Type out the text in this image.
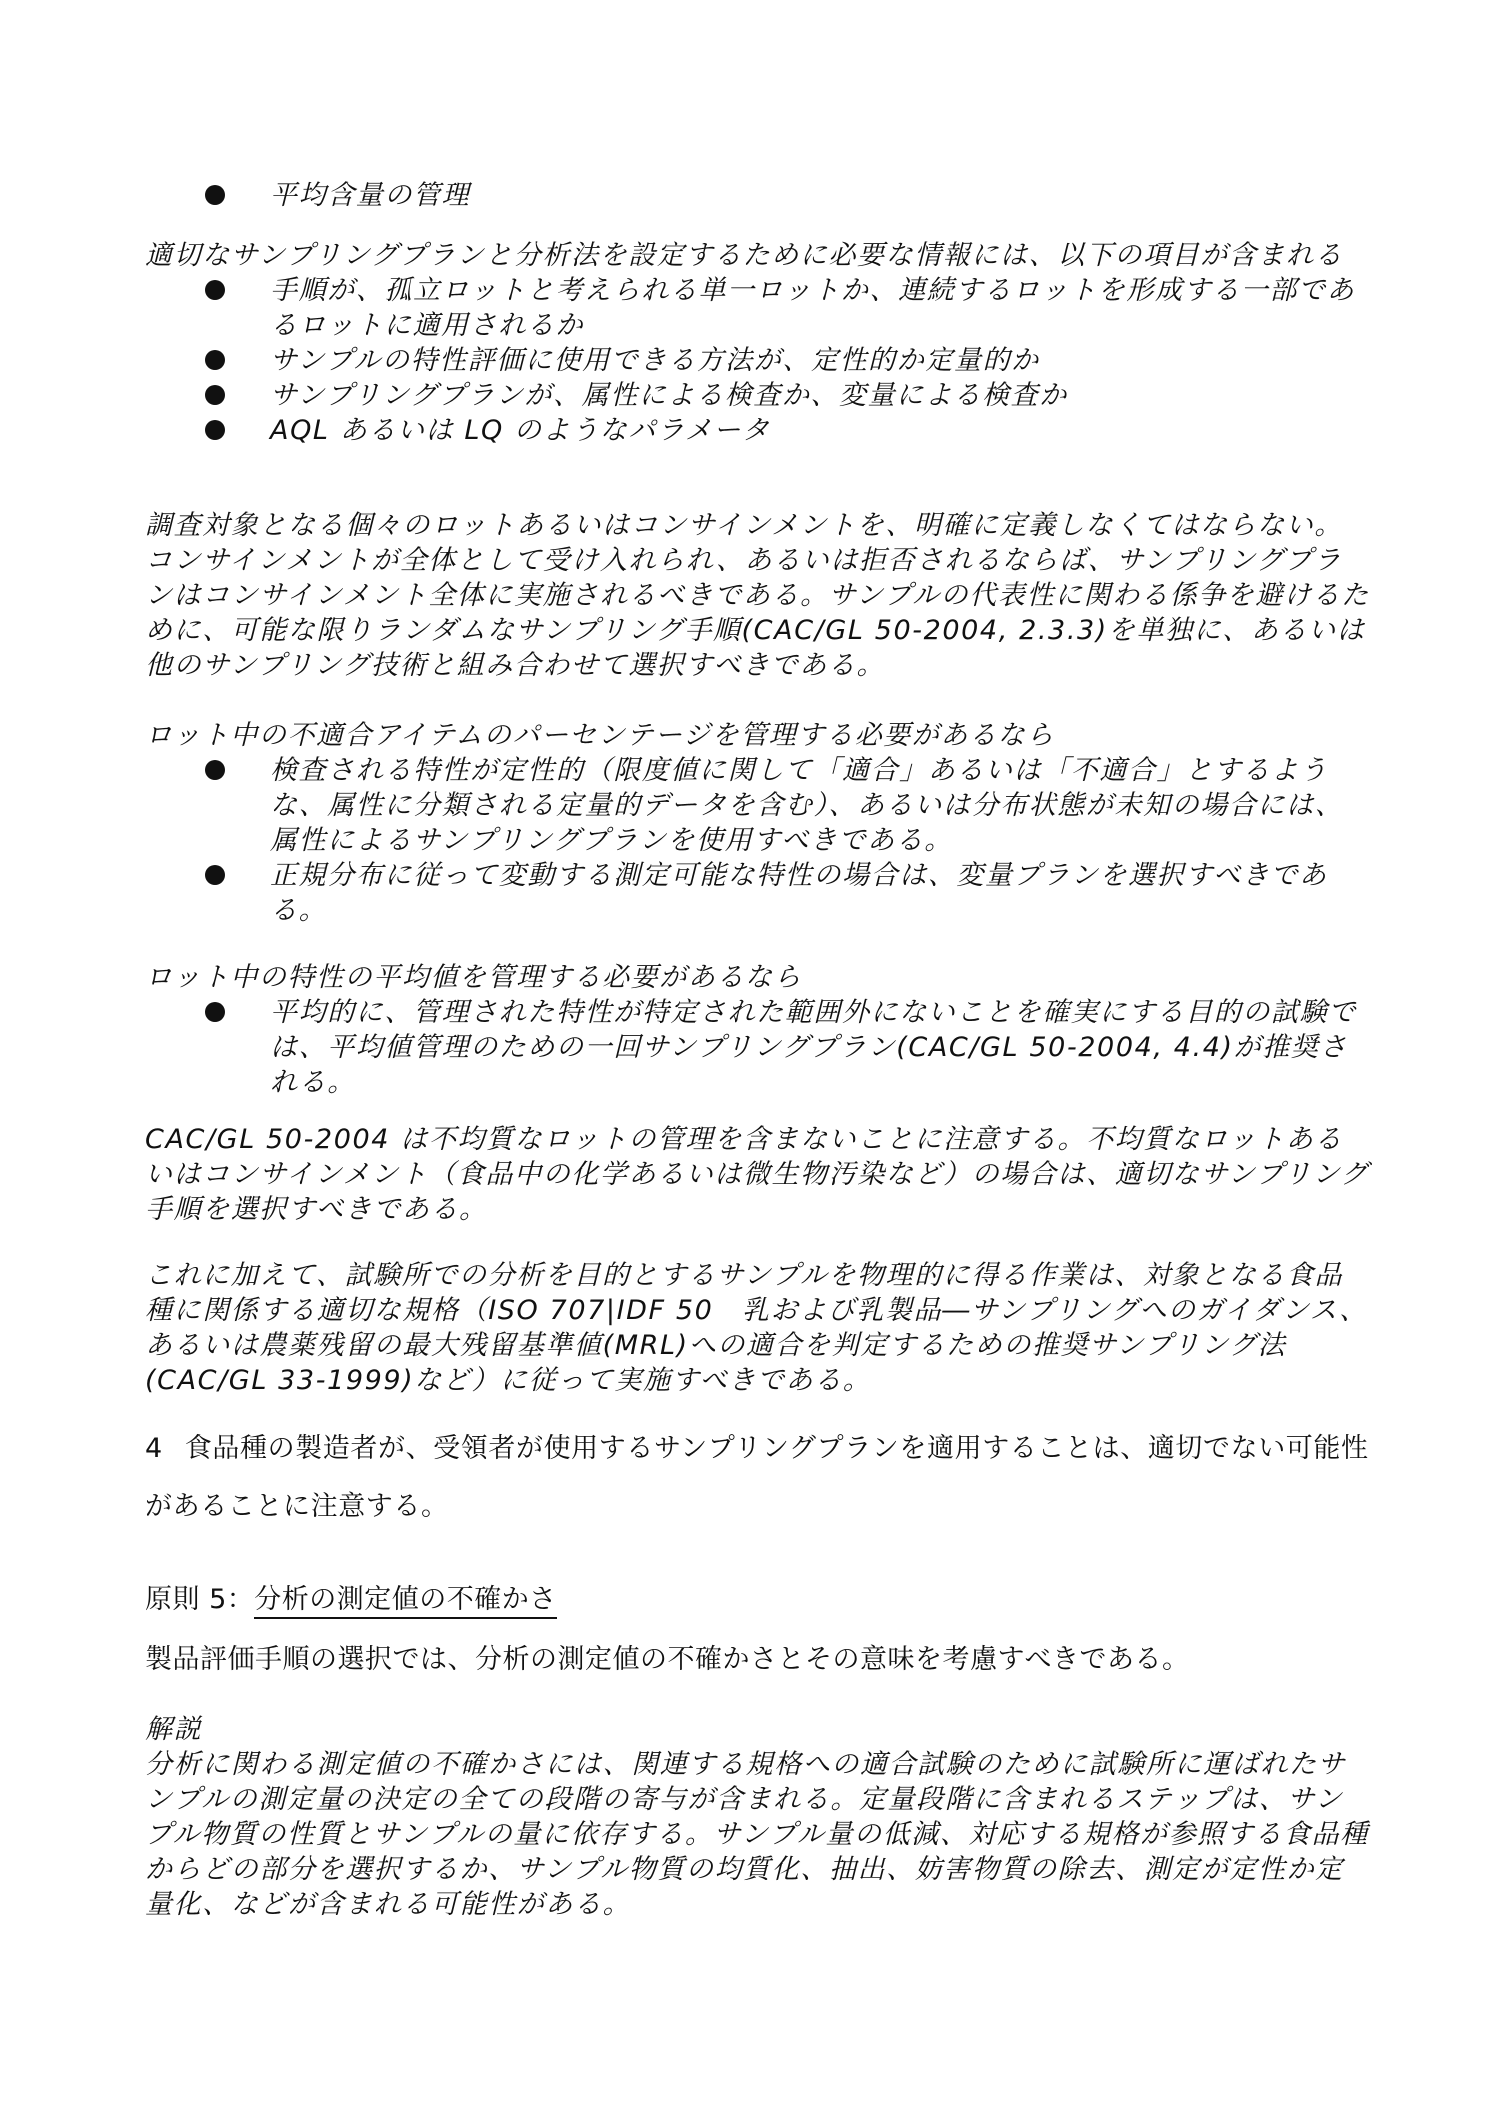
平均含量の管理

適切なサンプリングプランと分析法を設定するために必要な情報には、以下の項目が含まれる

手順が、孤立ロットと考えられる単一ロットか、連続するロットを形成する一部であるロットに適用されるか
サンプルの特性評価に使用できる方法が、定性的か定量的か
サンプリングプランが、属性による検査か、変量による検査か
AQL あるいは LQ のようなパラメータ

調査対象となる個々のロットあるいはコンサインメントを、明確に定義しなくてはならない。コンサインメントが全体として受け入れられ、あるいは拒否されるならば、サンプリングプランはコンサインメント全体に実施されるべきである。サンプルの代表性に関わる係争を避けるために、可能な限りランダムなサンプリング手順(CAC/GL 50-2004, 2.3.3)を単独に、あるいは他のサンプリング技術と組み合わせて選択すべきである。

ロット中の不適合アイテムのパーセンテージを管理する必要があるなら

検査される特性が定性的（限度値に関して「適合」あるいは「不適合」とするような、属性に分類される定量的データを含む）、あるいは分布状態が未知の場合には、属性によるサンプリングプランを使用すべきである。
正規分布に従って変動する測定可能な特性の場合は、変量プランを選択すべきである。

ロット中の特性の平均値を管理する必要があるなら

平均的に、管理された特性が特定された範囲外にないことを確実にする目的の試験では、平均値管理のための一回サンプリングプラン(CAC/GL 50-2004, 4.4)が推奨される。

CAC/GL 50-2004 は不均質なロットの管理を含まないことに注意する。不均質なロットあるいはコンサインメント（食品中の化学あるいは微生物汚染など）の場合は、適切なサンプリング手順を選択すべきである。

これに加えて、試験所での分析を目的とするサンプルを物理的に得る作業は、対象となる食品種に関係する適切な規格（ISO 707|IDF 50　乳および乳製品―サンプリングへのガイダンス、あるいは農薬残留の最大残留基準値(MRL)への適合を判定するための推奨サンプリング法(CAC/GL 33-1999)など）に従って実施すべきである。

4 食品種の製造者が、受領者が使用するサンプリングプランを適用することは、適切でない可能性があることに注意する。

原則 5：分析の測定値の不確かさ

製品評価手順の選択では、分析の測定値の不確かさとその意味を考慮すべきである。

解説

分析に関わる測定値の不確かさには、関連する規格への適合試験のために試験所に運ばれたサンプルの測定量の決定の全ての段階の寄与が含まれる。定量段階に含まれるステップは、サンプル物質の性質とサンプルの量に依存する。サンプル量の低減、対応する規格が参照する食品種からどの部分を選択するか、サンプル物質の均質化、抽出、妨害物質の除去、測定が定性か定量化、などが含まれる可能性がある。
